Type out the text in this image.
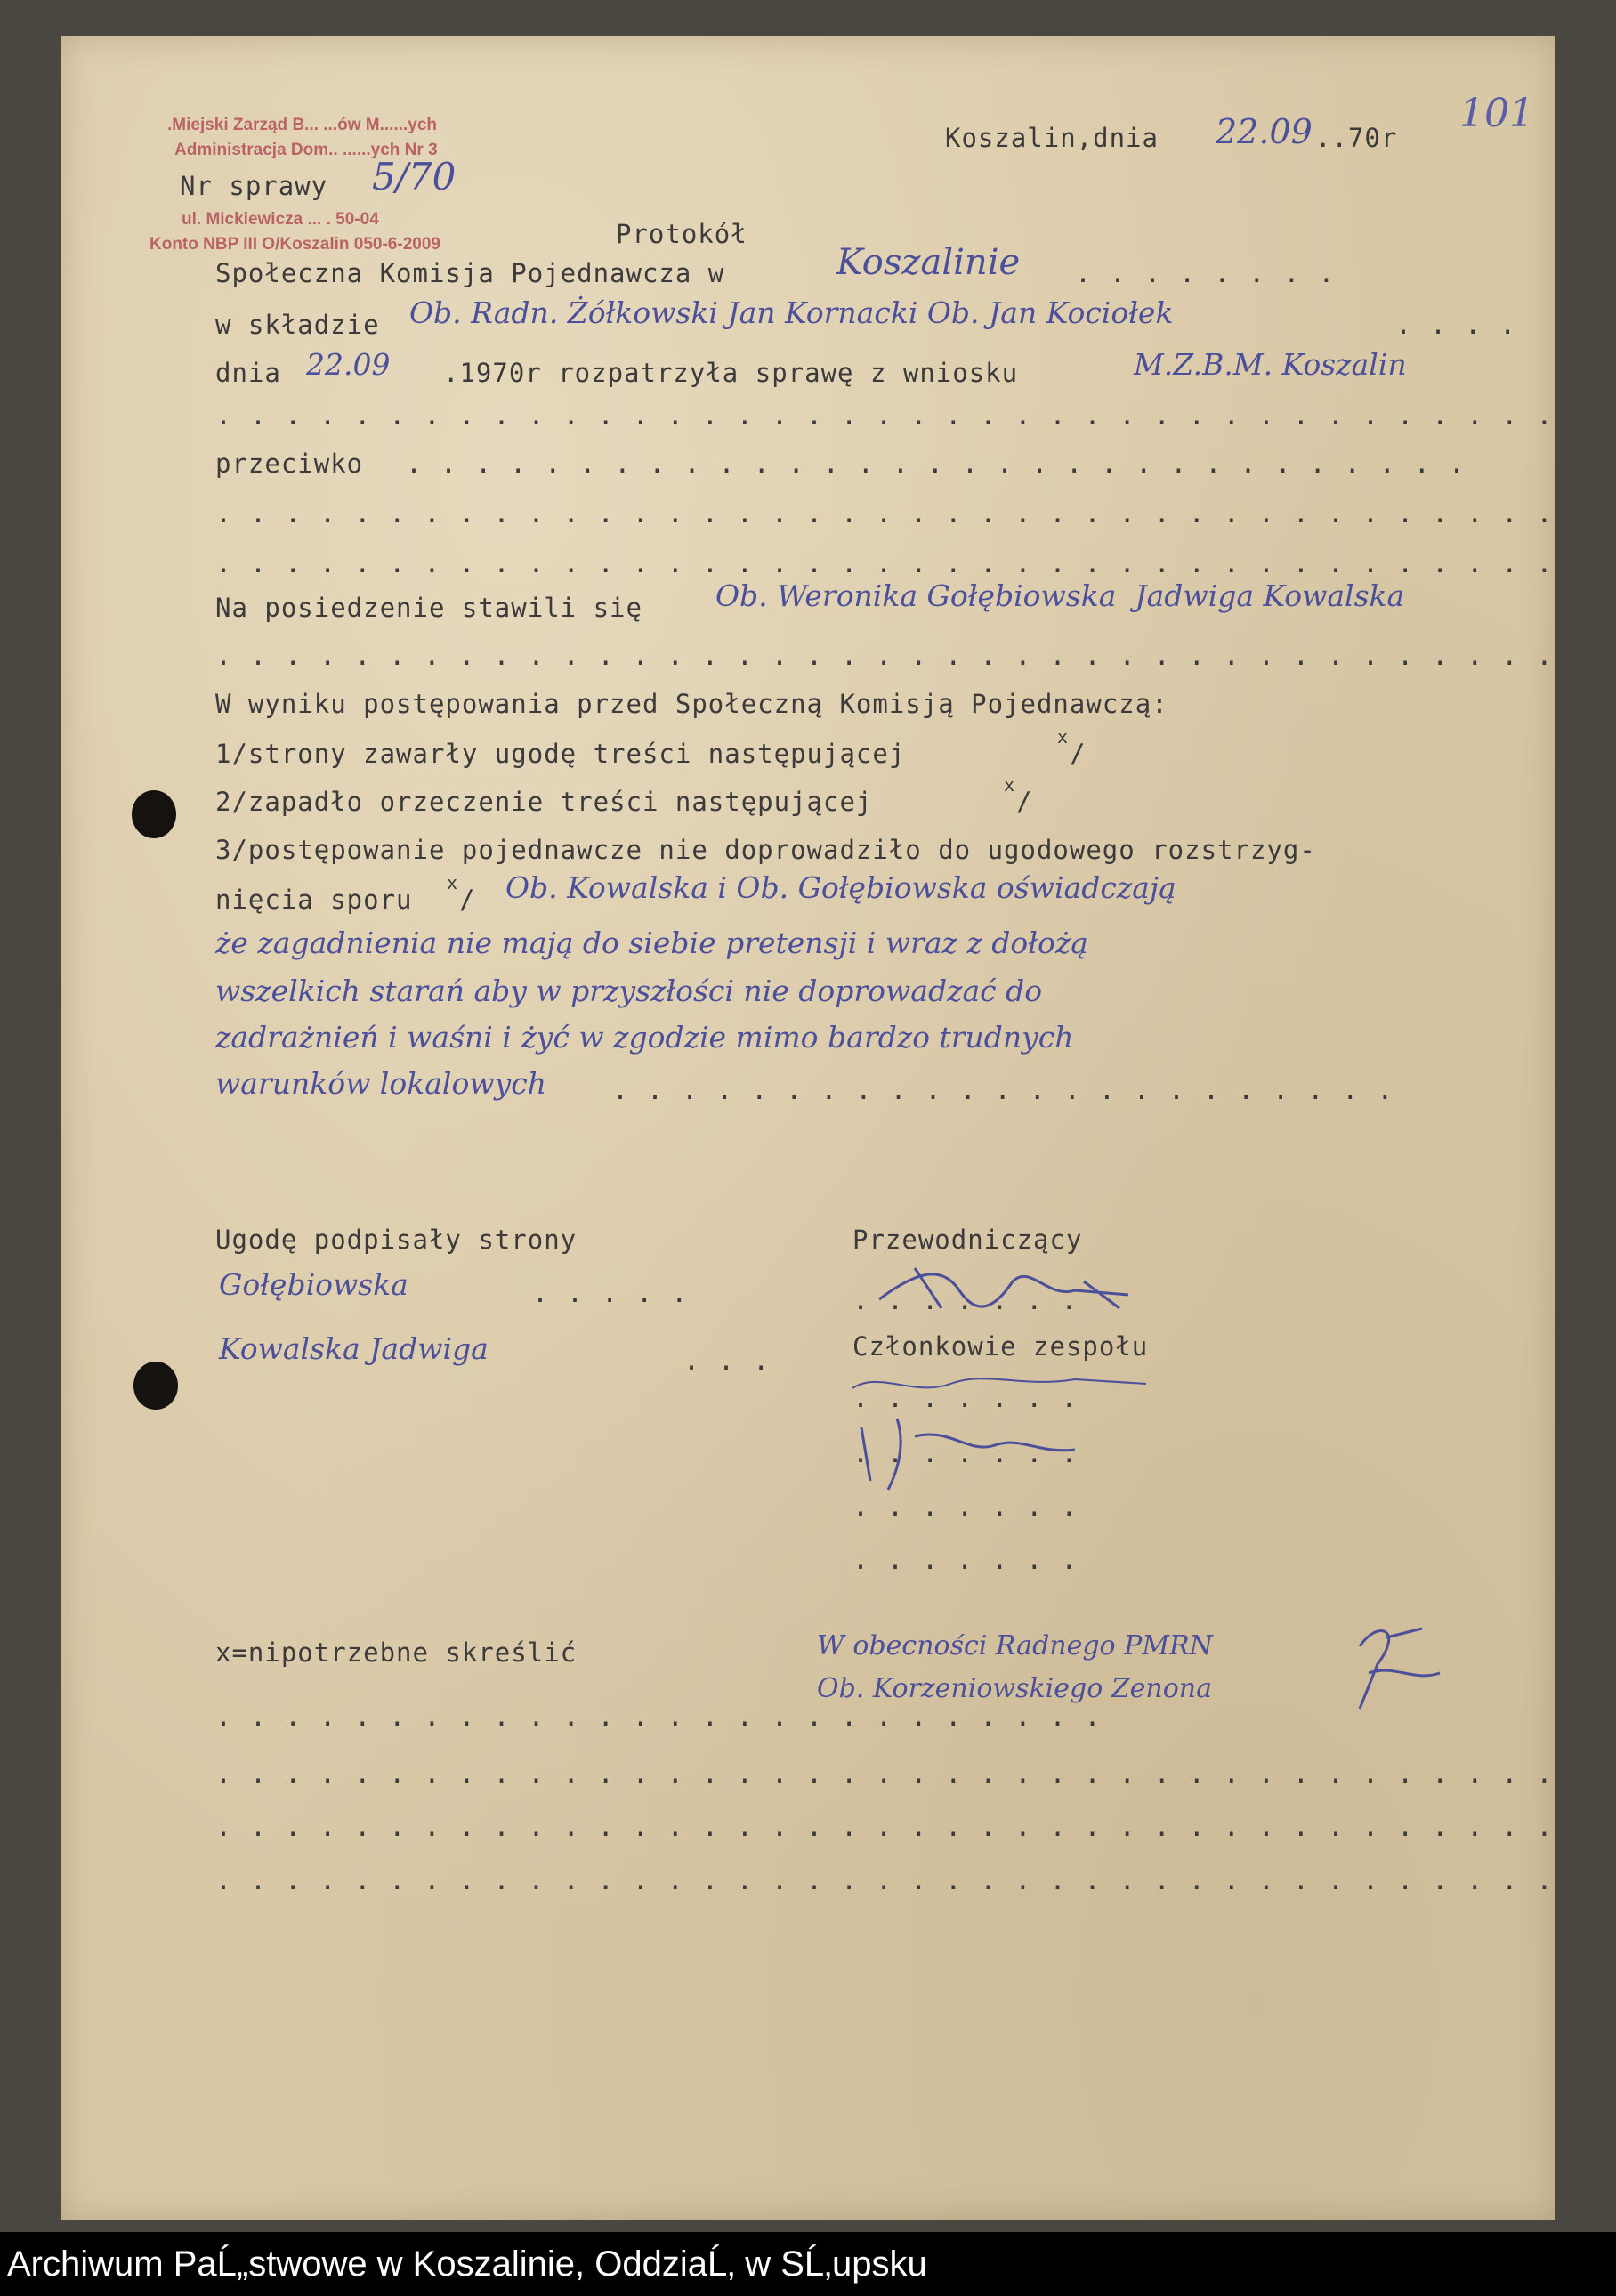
101
.Miejski Zarząd B... ...ów M......ych
Administracja Dom.. ......ych Nr 3
ul. Mickiewicza ... . 50-04
Konto NBP III O/Koszalin 050-6-2009
Nr sprawy 5/70
Koszalin,dnia 22.09 ..70r
Protokół
Społeczna Komisja Pojednawcza w	Koszalinie ........
w składzie Ob. Radn. Żółkowski Jan Kornacki Ob. Jan Kociołek	....
dnia 22.09 .1970r rozpatrzyła sprawę z wniosku	M.Z.B.M. Koszalin
.......................................
przeciwko ...............................
.......................................
.......................................
Na posiedzenie stawili się Ob. Weronika Gołębiowska  Jadwiga Kowalska
.......................................
W wyniku postępowania przed Społeczną Komisją Pojednawczą:
1/strony zawarły ugodę treści następującej
x
/
2/zapadło orzeczenie treści następującej
x
/
3/postępowanie pojednawcze nie doprowadziło do ugodowego rozstrzyg-
nięcia sporu
x
/ Ob. Kowalska i Ob. Gołębiowska oświadczają
że zagadnienia nie mają do siebie pretensji i wraz z dołożą
wszelkich starań aby w przyszłości nie doprowadzać do
zadrażnień i waśni i żyć w zgodzie mimo bardzo trudnych
warunków lokalowych .......................
Ugodę podpisały strony
Gołębiowska	.....
Kowalska Jadwiga	...
Przewodniczący
.......
Członkowie zespołu
.......
.......
.......
.......
x=nipotrzebne skreślić	W obecności Radnego PMRN
Ob. Korzeniowskiego Zenona
..........................
.......................................
.......................................
.......................................
Archiwum PaĹ„stwowe w Koszalinie, OddziaĹ‚ w SĹ‚upsku
